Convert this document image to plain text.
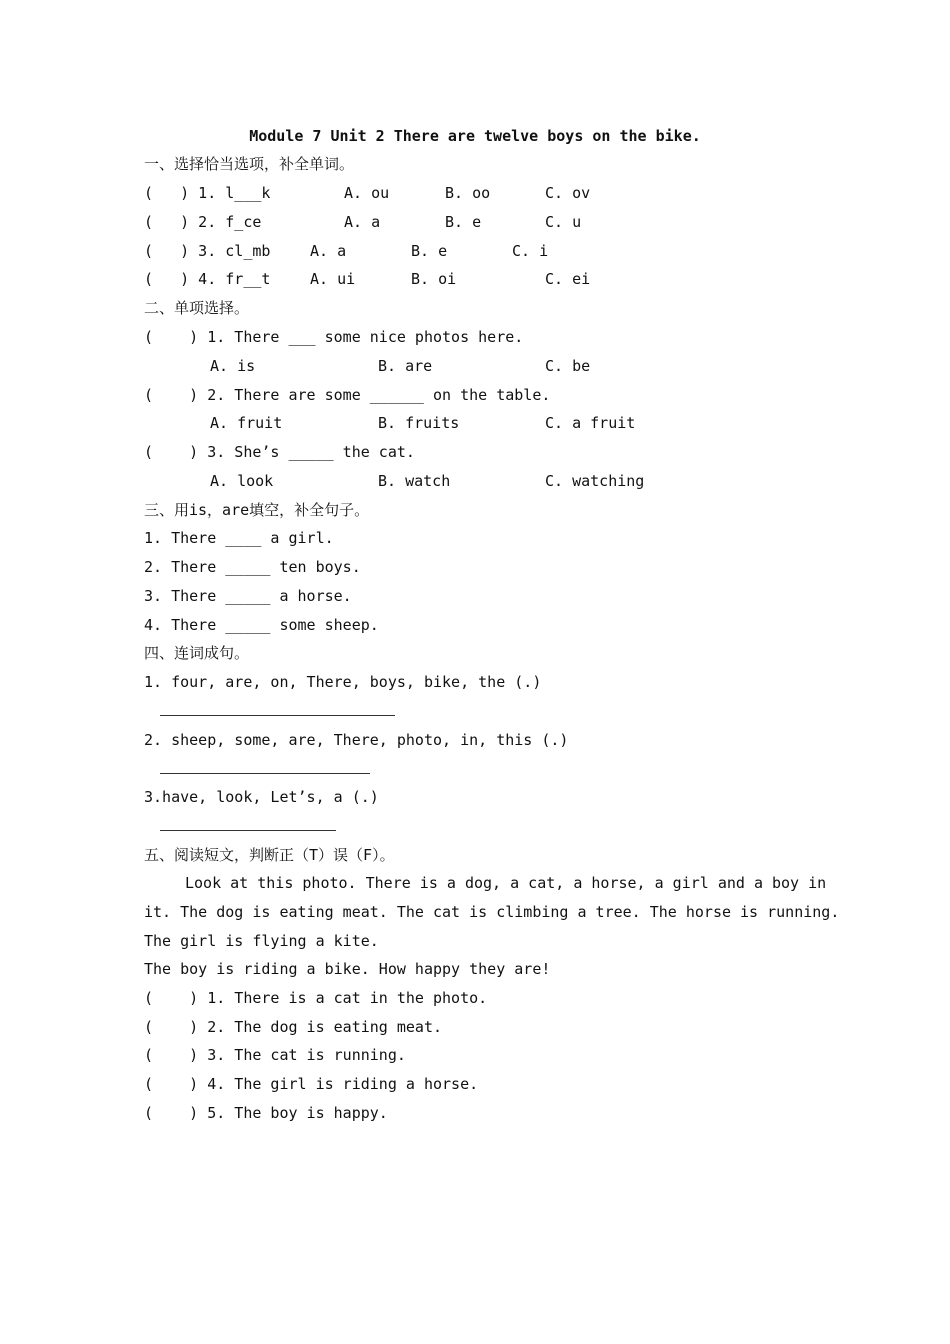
Module 7 Unit 2 There are twelve boys on the bike.
一、选择恰当选项，补全单词。
(   ) 1. l___k	A. ou	B. oo	C. ov
(   ) 2. f_ce	A. a	B. e	C. u
(   ) 3. cl_mb	A. a	B. e	C. i
(   ) 4. fr__t	A. ui	B. oi	C. ei
二、单项选择。
(    ) 1. There ___ some nice photos here.
A. is	B. are	C. be
(    ) 2. There are some ______ on the table.
A. fruit	B. fruits	C. a fruit
(    ) 3. She’s _____ the cat.
A. look	B. watch	C. watching
三、用is，are填空，补全句子。
1. There ____ a girl.
2. There _____ ten boys.
3. There _____ a horse.
4. There _____ some sheep.
四、连词成句。
1. four, are, on, There, boys, bike, the (.)
2. sheep, some, are, There, photo, in, this (.)
3.have, look, Let’s, a (.)
五、阅读短文，判断正（T）误（F）。
Look at this photo. There is a dog, a cat, a horse, a girl and a boy in
it. The dog is eating meat. The cat is climbing a tree. The horse is running.
The girl is flying a kite.
The boy is riding a bike. How happy they are!
(    ) 1. There is a cat in the photo.
(    ) 2. The dog is eating meat.
(    ) 3. The cat is running.
(    ) 4. The girl is riding a horse.
(    ) 5. The boy is happy.
